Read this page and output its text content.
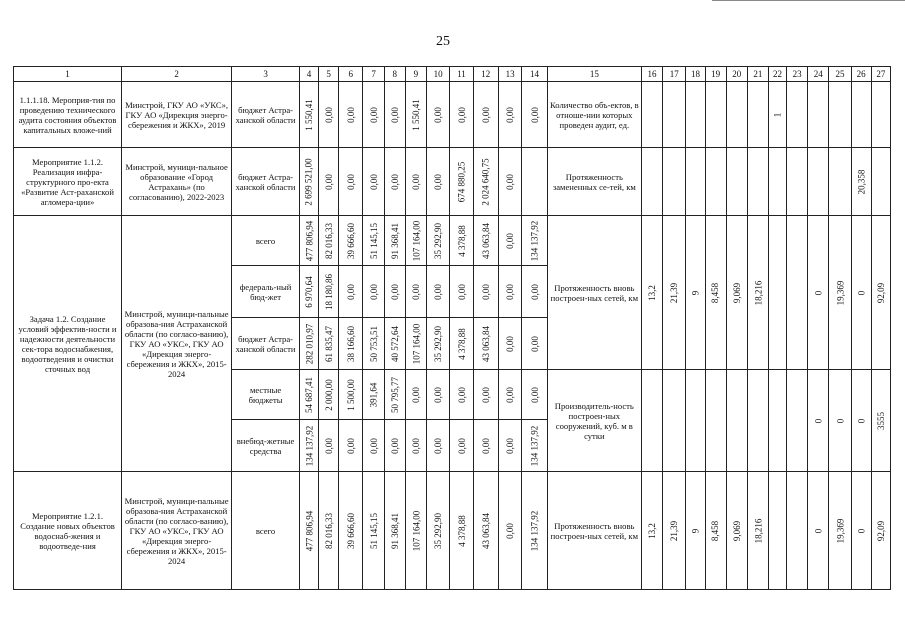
25
1	2	3	4	5	6	7	8	9	10	11	12	13	14	15	16	17	18	19	20	21	22	23	24	25	26	27
1.1.1.18. Мероприя-тия по проведению технического аудита состояния объектов капитальных вложе-ний	Минстрой, ГКУ АО «УКС», ГКУ АО «Дирекция энерго-сбережения и ЖКХ», 2019	бюджет Астра-ханской области	1 550,41	0,00	0,00	0,00	0,00	1 550,41	0,00	0,00	0,00	0,00	0,00	Количество объ-ектов, в отноше-нии которых проведен аудит, ед.							1					

Мероприятие 1.1.2. Реализация инфра-структурного про-екта «Развитие Аст-раханской агломера-ции»	Минстрой, муници-пальное образование «Город Астрахань» (по согласованию), 2022-2023	бюджет Астра-ханской области	2 699 521,00	0,00	0,00	0,00	0,00	0,00	0,00	674 880,25	2 024 640,75	0,00		Протяженность замененных се-тей, км											20,358	

Задача 1.2. Создание условий эффектив-ности и надежности деятельности сек-тора водоснабжения, водоотведения и очистки сточных вод	Минстрой, муници-пальные образова-ния Астраханской области (по согласо-ванию), ГКУ АО «УКС», ГКУ АО «Дирекция энерго-сбережения и ЖКХ», 2015-2024	всего	477 806,94	82 016,33	39 666,60	51 145,15	91 368,41	107 164,00	35 292,90	4 378,88	43 063,84	0,00	134 137,92	Протяженность вновь построен-ных сетей, км	13,2	21,39	9	8,458	9,069	18,216			0	19,369	0	92,09

		федераль-ный бюд-жет	6 970,64	18 180,86	0,00	0,00	0,00	0,00	0,00	0,00	0,00	0,00	0,00													

		бюджет Астра-ханской области	282 010,97	61 835,47	38 166,60	50 753,51	40 572,64	107 164,00	35 292,90	4 378,88	43 063,84	0,00	0,00													

		местные бюджеты	54 687,41	2 000,00	1 500,00	391,64	50 795,77	0,00	0,00	0,00	0,00	0,00	0,00	Производитель-ность построен-ных сооружений, куб. м в сутки									0	0	0	3555

		внебюд-жетные средства	134 137,92	0,00	0,00	0,00	0,00	0,00	0,00	0,00	0,00	0,00	134 137,92													

Мероприятие 1.2.1. Создание новых объектов водоснаб-жения и водоотведе-ния	Минстрой, муници-пальные образова-ния Астраханской области (по согласо-ванию), ГКУ АО «УКС», ГКУ АО «Дирекция энерго-сбережения и ЖКХ», 2015-2024	всего	477 806,94	82 016,33	39 666,60	51 145,15	91 368,41	107 164,00	35 292,90	4 378,88	43 063,84	0,00	134 137,92	Протяженность вновь построен-ных сетей, км	13,2	21,39	9	8,458	9,069	18,216			0	19,369	0	92,09
